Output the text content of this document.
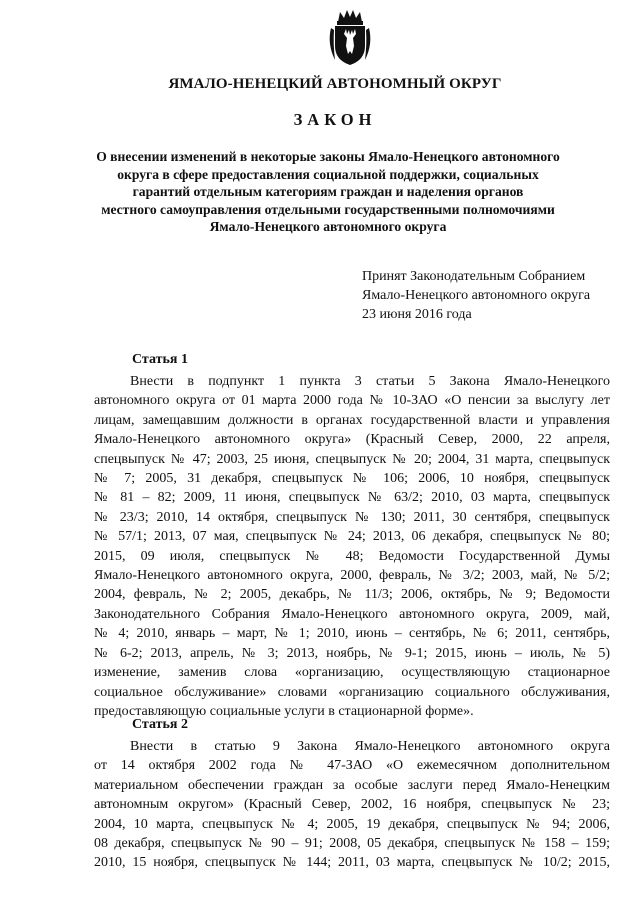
ЯМАЛО-НЕНЕЦКИЙ АВТОНОМНЫЙ ОКРУГ
ЗАКОН
О внесении изменений в некоторые законы Ямало-Ненецкого автономного
округа в сфере предоставления социальной поддержки, социальных
гарантий отдельным категориям граждан и наделения органов
местного самоуправления отдельными государственными полномочиями
Ямало-Ненецкого автономного округа
Принят Законодательным Собранием
Ямало-Ненецкого автономного округа
23 июня 2016 года
Статья 1
Внести в подпункт 1 пункта 3 статьи 5 Закона Ямало-Ненецкого
автономного округа от 01 марта 2000 года № 10-ЗАО «О пенсии за выслугу лет
лицам, замещавшим должности в органах государственной власти и управления
Ямало-Ненецкого автономного округа» (Красный Север, 2000, 22 апреля,
спецвыпуск № 47; 2003, 25 июня, спецвыпуск № 20; 2004, 31 марта, спецвыпуск
№ 7; 2005, 31 декабря, спецвыпуск № 106; 2006, 10 ноября, спецвыпуск
№ 81 – 82; 2009, 11 июня, спецвыпуск № 63/2; 2010, 03 марта, спецвыпуск
№ 23/3; 2010, 14 октября, спецвыпуск № 130; 2011, 30 сентября, спецвыпуск
№ 57/1; 2013, 07 мая, спецвыпуск № 24; 2013, 06 декабря, спецвыпуск № 80;
2015, 09 июля, спецвыпуск № 48; Ведомости Государственной Думы
Ямало-Ненецкого автономного округа, 2000, февраль, № 3/2; 2003, май, № 5/2;
2004, февраль, № 2; 2005, декабрь, № 11/3; 2006, октябрь, № 9; Ведомости
Законодательного Собрания Ямало-Ненецкого автономного округа, 2009, май,
№ 4; 2010, январь – март, № 1; 2010, июнь – сентябрь, № 6; 2011, сентябрь,
№ 6-2; 2013, апрель, № 3; 2013, ноябрь, № 9-1; 2015, июнь – июль, № 5)
изменение, заменив слова «организацию, осуществляющую стационарное
социальное обслуживание» словами «организацию социального обслуживания,
предоставляющую социальные услуги в стационарной форме».
Статья 2
Внести в статью 9 Закона Ямало-Ненецкого автономного округа
от 14 октября 2002 года № 47-ЗАО «О ежемесячном дополнительном
материальном обеспечении граждан за особые заслуги перед Ямало-Ненецким
автономным округом» (Красный Север, 2002, 16 ноября, спецвыпуск № 23;
2004, 10 марта, спецвыпуск № 4; 2005, 19 декабря, спецвыпуск № 94; 2006,
08 декабря, спецвыпуск № 90 – 91; 2008, 05 декабря, спецвыпуск № 158 – 159;
2010, 15 ноября, спецвыпуск № 144; 2011, 03 марта, спецвыпуск № 10/2; 2015,
